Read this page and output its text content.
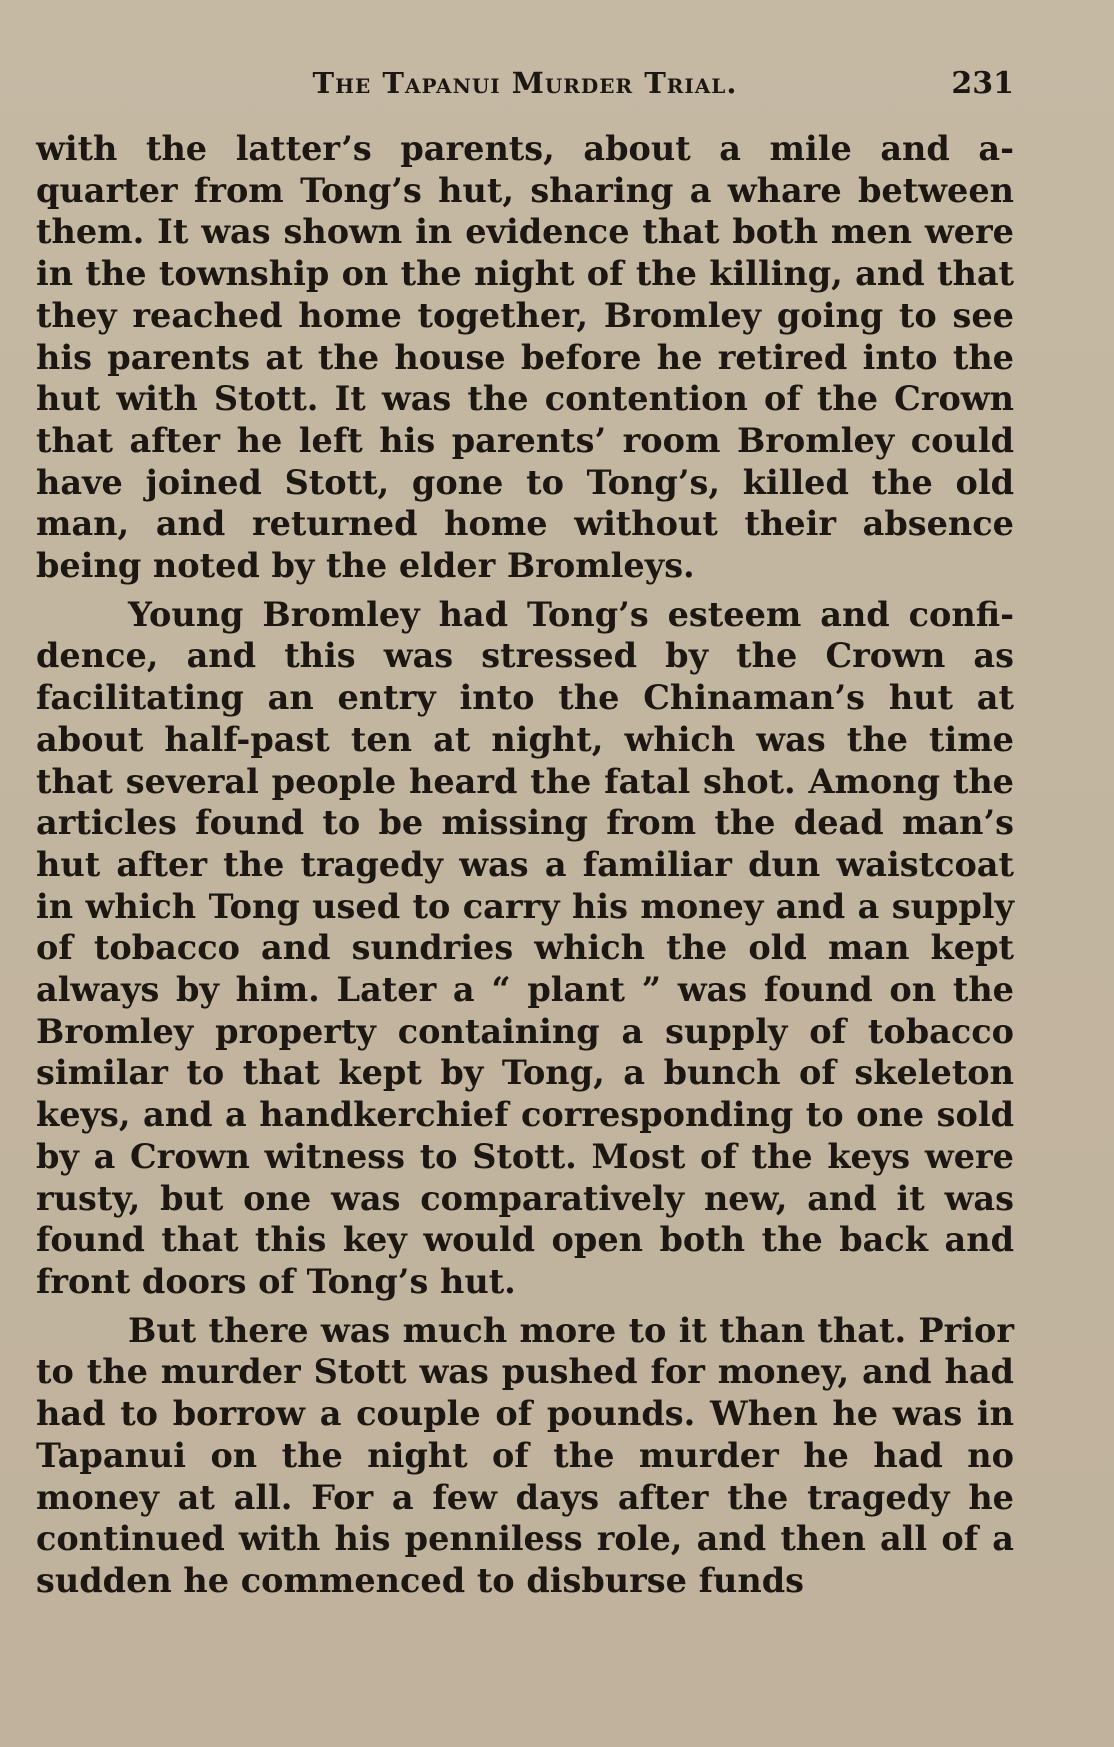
The Tapanui Murder Trial.	231

with the latter’s parents, about a mile and a-quarter from Tong’s hut, sharing a whare between them. It was shown in evidence that both men were in the township on the night of the killing, and that they reached home together, Bromley going to see his parents at the house before he retired into the hut with Stott. It was the contention of the Crown that after he left his parents’ room Bromley could have joined Stott, gone to Tong’s, killed the old man, and returned home without their absence being noted by the elder Bromleys.

Young Bromley had Tong’s esteem and confidence, and this was stressed by the Crown as facilitating an entry into the Chinaman’s hut at about half-past ten at night, which was the time that several people heard the fatal shot. Among the articles found to be missing from the dead man’s hut after the tragedy was a familiar dun waistcoat in which Tong used to carry his money and a supply of tobacco and sundries which the old man kept always by him. Later a “ plant ” was found on the Bromley property containing a supply of tobacco similar to that kept by Tong, a bunch of skeleton keys, and a handkerchief corresponding to one sold by a Crown witness to Stott. Most of the keys were rusty, but one was comparatively new, and it was found that this key would open both the back and front doors of Tong’s hut.

But there was much more to it than that. Prior to the murder Stott was pushed for money, and had had to borrow a couple of pounds. When he was in Tapanui on the night of the murder he had no money at all. For a few days after the tragedy he continued with his penniless role, and then all of a sudden he commenced to disburse funds
